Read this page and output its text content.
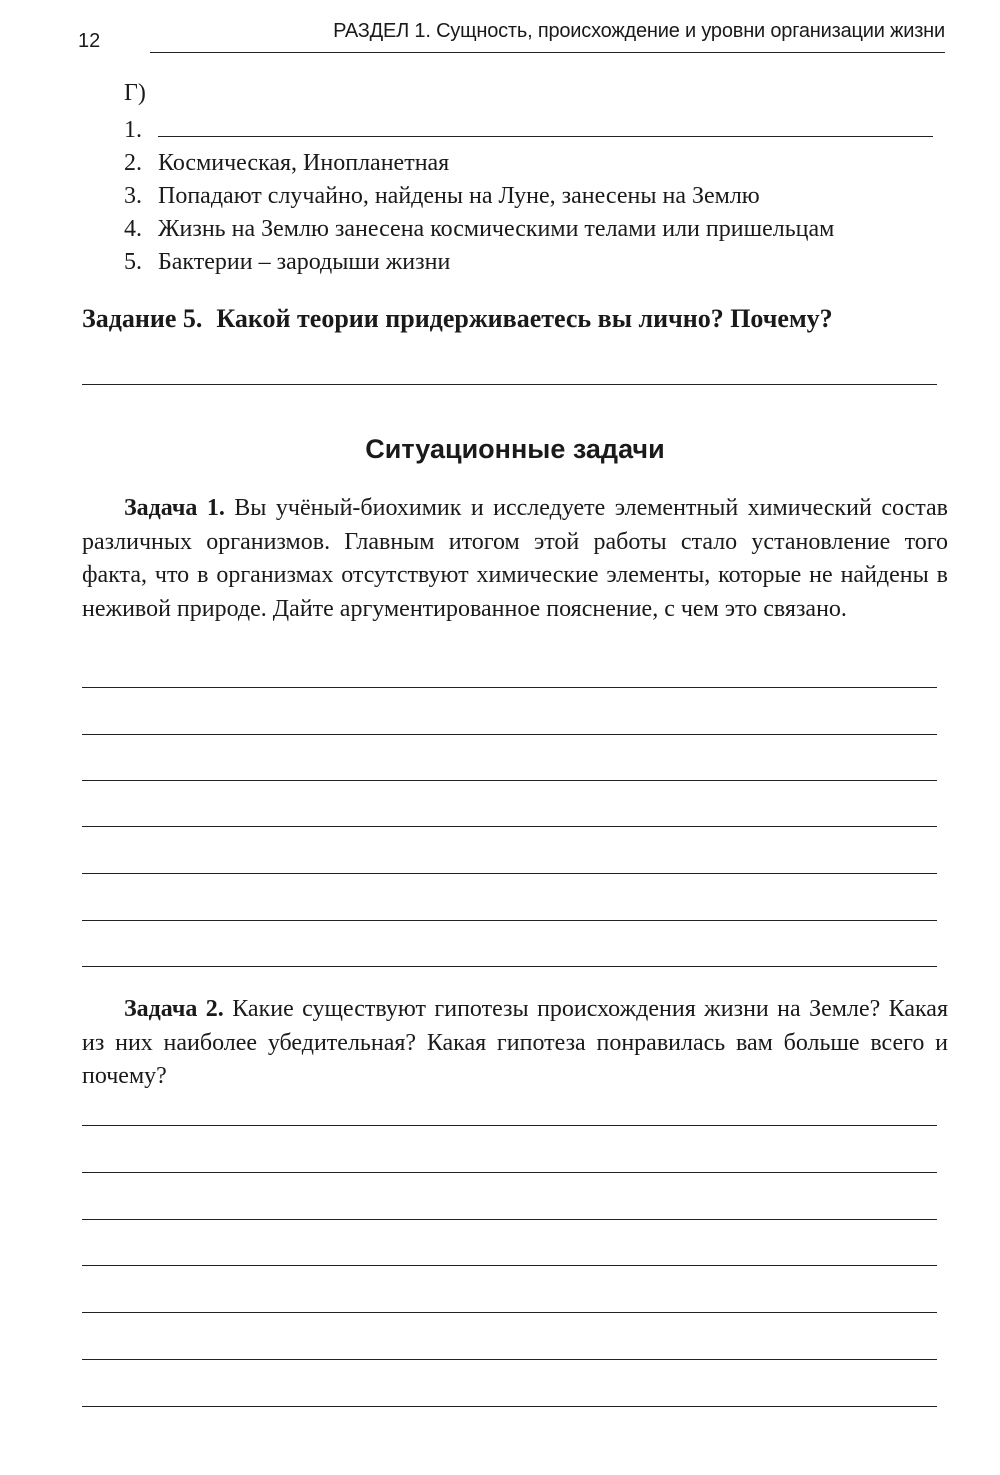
12	РАЗДЕЛ 1. Сущность, происхождение и уровни организации жизни
Г)
1.
2. Космическая, Инопланетная
3. Попадают случайно, найдены на Луне, занесены на Землю
4. Жизнь на Землю занесена космическими телами или пришельцам
5. Бактерии – зародыши жизни
Задание 5. Какой теории придерживаетесь вы лично? Почему?
Ситуационные задачи
Задача 1. Вы учёный-биохимик и исследуете элементный химический состав различных организмов. Главным итогом этой работы стало установление того факта, что в организмах отсутствуют химические элементы, которые не найдены в неживой природе. Дайте аргументированное пояснение, с чем это связано.
Задача 2. Какие существуют гипотезы происхождения жизни на Земле? Какая из них наиболее убедительная? Какая гипотеза понравилась вам больше всего и почему?
